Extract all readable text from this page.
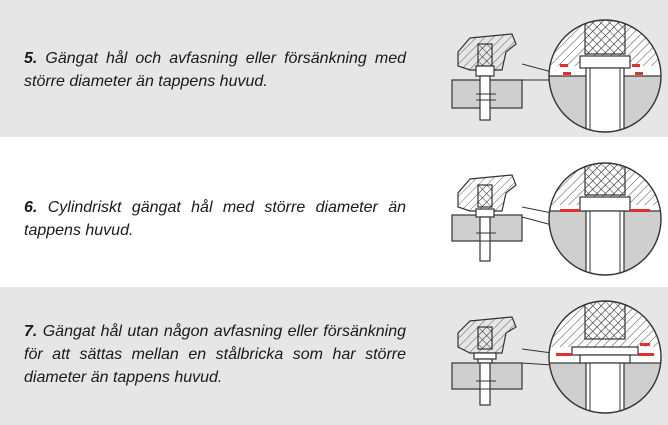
5. Gängat hål och avfasning eller försänkning med större diameter än tappens huvud.
6. Cylindriskt gängat hål med större diameter än tappens huvud.
7. Gängat hål utan någon avfasning eller försänkning för att sättas mellan en stålbricka som har större diameter än tappens huvud.
